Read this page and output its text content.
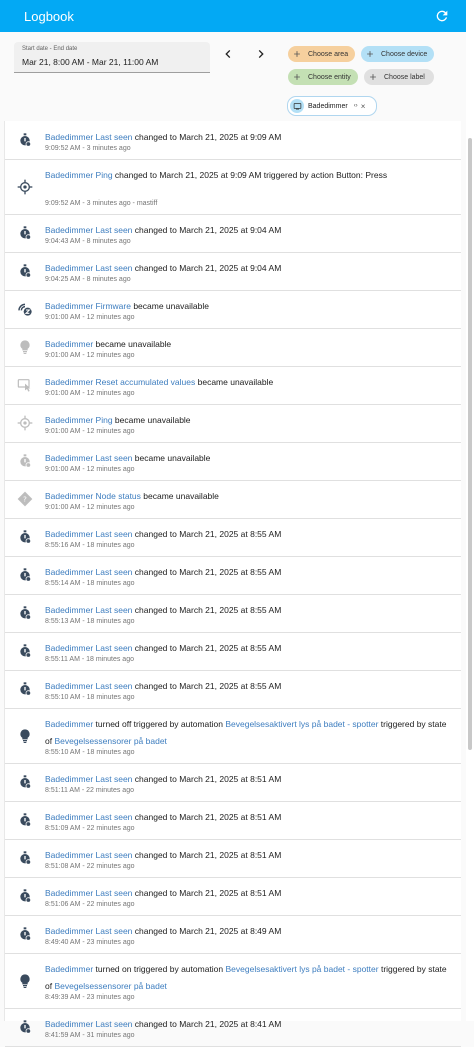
Logbook
Start date - End date
Mar 21, 8:00 AM - Mar 21, 11:00 AM
Choose area	Choose device
Choose entity	Choose label
Badedimmer ‹› ×
Badedimmer Last seen changed to March 21, 2025 at 9:09 AM
9:09:52 AM - 3 minutes ago
Badedimmer Ping changed to March 21, 2025 at 9:09 AM triggered by action Button: Press
9:09:52 AM - 3 minutes ago - mastiff
Badedimmer Last seen changed to March 21, 2025 at 9:04 AM
9:04:43 AM - 8 minutes ago
Badedimmer Last seen changed to March 21, 2025 at 9:04 AM
9:04:25 AM - 8 minutes ago
Badedimmer Firmware became unavailable
9:01:00 AM - 12 minutes ago
Badedimmer became unavailable
9:01:00 AM - 12 minutes ago
Badedimmer Reset accumulated values became unavailable
9:01:00 AM - 12 minutes ago
Badedimmer Ping became unavailable
9:01:00 AM - 12 minutes ago
Badedimmer Last seen became unavailable
9:01:00 AM - 12 minutes ago
? Badedimmer Node status became unavailable
9:01:00 AM - 12 minutes ago
Badedimmer Last seen changed to March 21, 2025 at 8:55 AM
8:55:16 AM - 18 minutes ago
Badedimmer Last seen changed to March 21, 2025 at 8:55 AM
8:55:14 AM - 18 minutes ago
Badedimmer Last seen changed to March 21, 2025 at 8:55 AM
8:55:13 AM - 18 minutes ago
Badedimmer Last seen changed to March 21, 2025 at 8:55 AM
8:55:11 AM - 18 minutes ago
Badedimmer Last seen changed to March 21, 2025 at 8:55 AM
8:55:10 AM - 18 minutes ago
Badedimmer turned off triggered by automation Bevegelsesaktivert lys på badet - spotter triggered by state of Bevegelsessensorer på badet
8:55:10 AM - 18 minutes ago
Badedimmer Last seen changed to March 21, 2025 at 8:51 AM
8:51:11 AM - 22 minutes ago
Badedimmer Last seen changed to March 21, 2025 at 8:51 AM
8:51:09 AM - 22 minutes ago
Badedimmer Last seen changed to March 21, 2025 at 8:51 AM
8:51:08 AM - 22 minutes ago
Badedimmer Last seen changed to March 21, 2025 at 8:51 AM
8:51:06 AM - 22 minutes ago
Badedimmer Last seen changed to March 21, 2025 at 8:49 AM
8:49:40 AM - 23 minutes ago
Badedimmer turned on triggered by automation Bevegelsesaktivert lys på badet - spotter triggered by state of Bevegelsessensorer på badet
8:49:39 AM - 23 minutes ago
Badedimmer Last seen changed to March 21, 2025 at 8:41 AM
8:41:59 AM - 31 minutes ago
